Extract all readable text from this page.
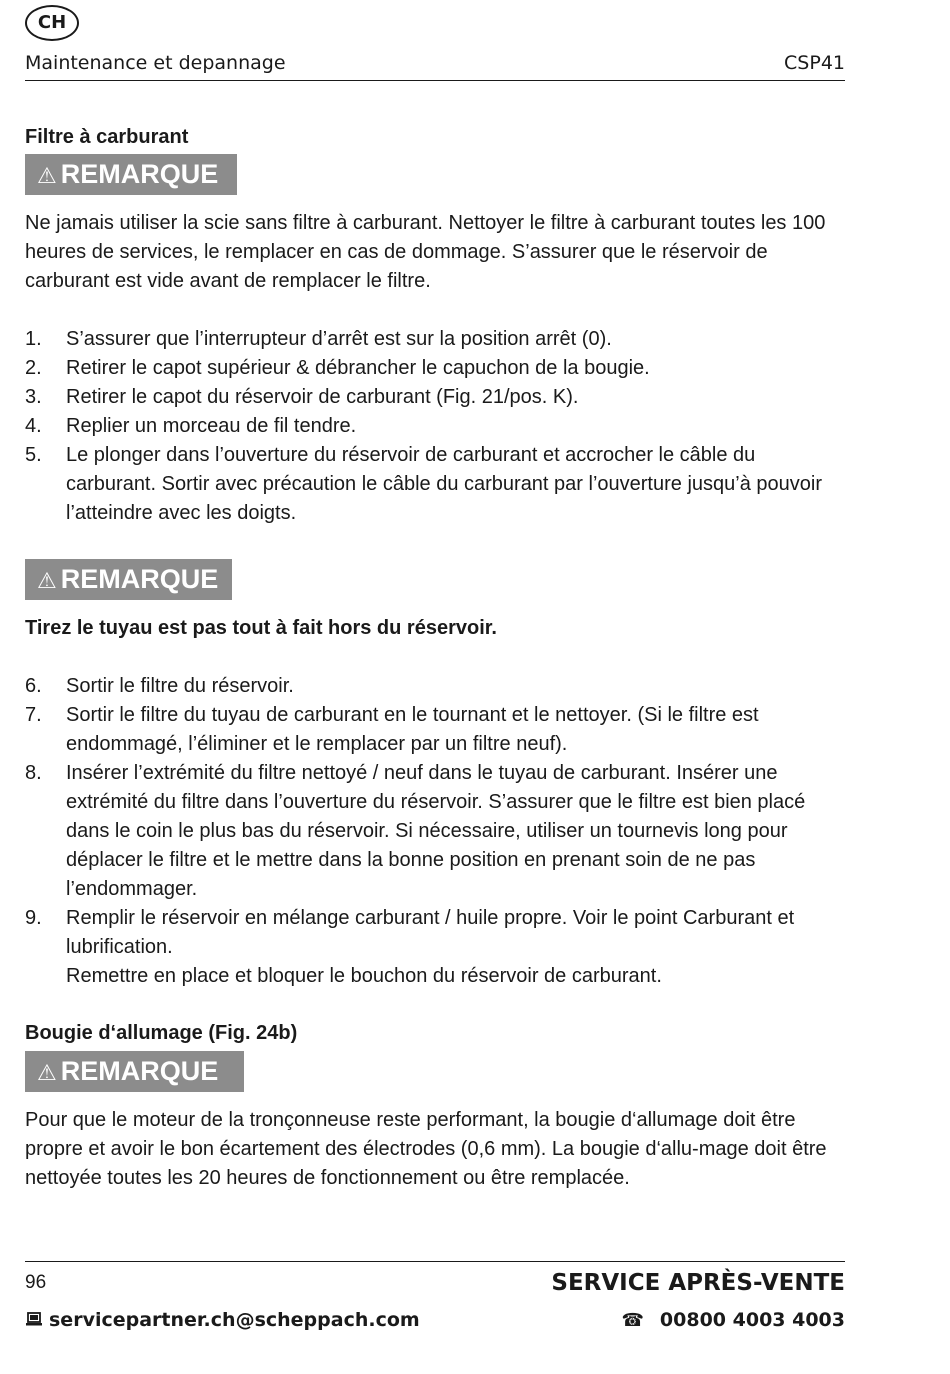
CH
Maintenance et depannage	CSP41
Filtre à carburant
⚠ REMARQUE
Ne jamais utiliser la scie sans filtre à carburant. Nettoyer le filtre à carburant toutes les 100 heures de services, le remplacer en cas de dommage. S’assurer que le réservoir de carburant est vide avant de remplacer le filtre.
1. S’assurer que l’interrupteur d’arrêt est sur la position arrêt (0).
2. Retirer le capot supérieur & débrancher le capuchon de la bougie.
3. Retirer le capot du réservoir de carburant (Fig. 21/pos. K).
4. Replier un morceau de fil tendre.
5. Le plonger dans l’ouverture du réservoir de carburant et accrocher le câble du carburant. Sortir avec précaution le câble du carburant par l’ouverture jusqu’à pouvoir l’atteindre avec les doigts.
⚠ REMARQUE
Tirez le tuyau est pas tout à fait hors du réservoir.
6. Sortir le filtre du réservoir.
7. Sortir le filtre du tuyau de carburant en le tournant et le nettoyer. (Si le filtre est endommagé, l’éliminer et le remplacer par un filtre neuf).
8. Insérer l’extrémité du filtre nettoyé / neuf dans le tuyau de carburant. Insérer une extrémité du filtre dans l’ouverture du réservoir. S’assurer que le filtre est bien placé dans le coin le plus bas du réservoir. Si nécessaire, utiliser un tournevis long pour déplacer le filtre et le mettre dans la bonne position en prenant soin de ne pas l’endommager.
9. Remplir le réservoir en mélange carburant / huile propre. Voir le point Carburant et lubrification.
Remettre en place et bloquer le bouchon du réservoir de carburant.
Bougie d‘allumage (Fig. 24b)
⚠ REMARQUE
Pour que le moteur de la tronçonneuse reste performant, la bougie d‘allumage doit être propre et avoir le bon écartement des électrodes (0,6 mm). La bougie d‘allu-mage doit être nettoyée toutes les 20 heures de fonctionnement ou être remplacée.
96	SERVICE APRÈS-VENTE
servicepartner.ch@scheppach.com	☎ 00800 4003 4003
